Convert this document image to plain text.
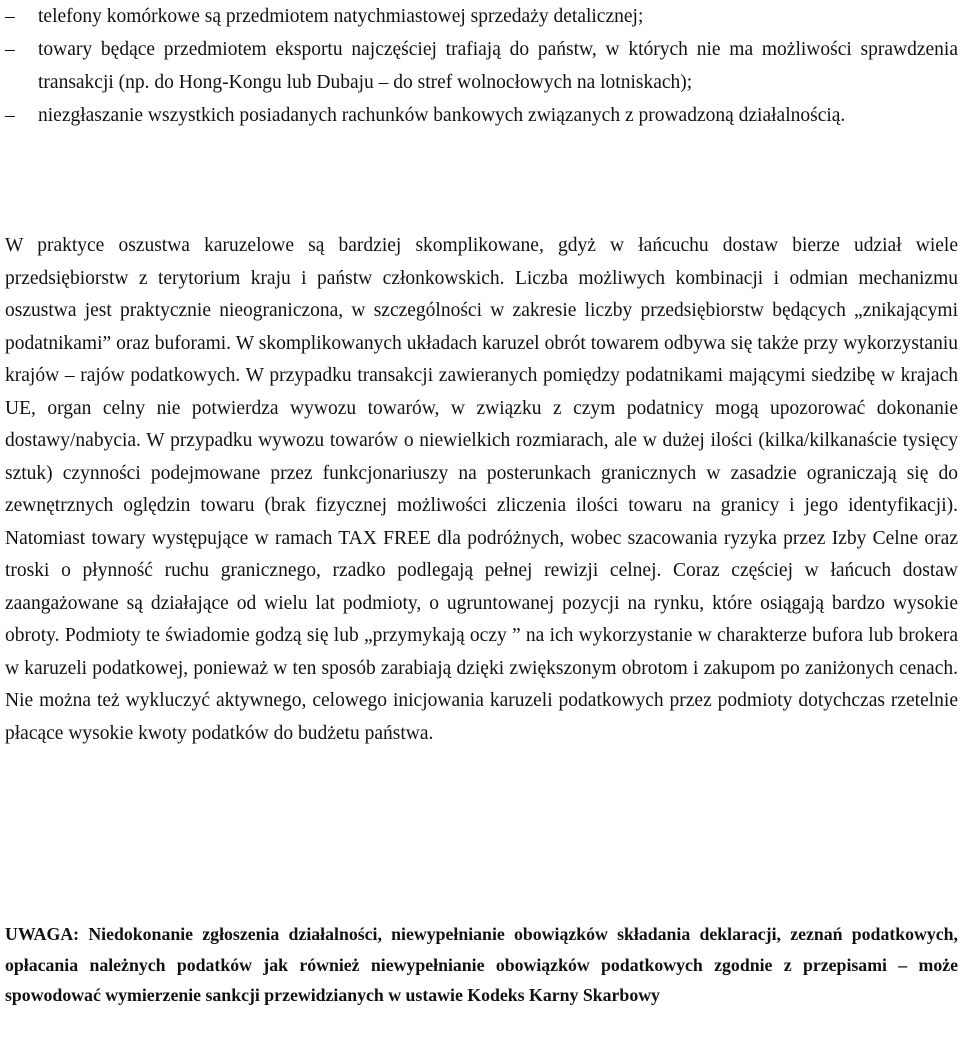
– telefony komórkowe są przedmiotem natychmiastowej sprzedaży detalicznej;
– towary będące przedmiotem eksportu najczęściej trafiają do państw, w których nie ma możliwości sprawdzenia transakcji (np. do Hong-Kongu lub Dubaju – do stref wolnocłowych na lotniskach);
– niezgłaszanie wszystkich posiadanych rachunków bankowych związanych z prowadzoną działalnością.

W praktyce oszustwa karuzelowe są bardziej skomplikowane, gdyż w łańcuchu dostaw bierze udział wiele przedsiębiorstw z terytorium kraju i państw członkowskich. Liczba możliwych kombinacji i odmian mechanizmu oszustwa jest praktycznie nieograniczona, w szczególności w zakresie liczby przedsiębiorstw będących „znikającymi podatnikami” oraz buforami. W skomplikowanych układach karuzel obrót towarem odbywa się także przy wykorzystaniu krajów – rajów podatkowych. W przypadku transakcji zawieranych pomiędzy podatnikami mającymi siedzibę w krajach UE, organ celny nie potwierdza wywozu towarów, w związku z czym podatnicy mogą upozorować dokonanie dostawy/nabycia. W przypadku wywozu towarów o niewielkich rozmiarach, ale w dużej ilości (kilka/kilkanaście tysięcy sztuk) czynności podejmowane przez funkcjonariuszy na posterunkach granicznych w zasadzie ograniczają się do zewnętrznych oględzin towaru (brak fizycznej możliwości zliczenia ilości towaru na granicy i jego identyfikacji). Natomiast towary występujące w ramach TAX FREE dla podróżnych, wobec szacowania ryzyka przez Izby Celne oraz troski o płynność ruchu granicznego, rzadko podlegają pełnej rewizji celnej. Coraz częściej w łańcuch dostaw zaangażowane są działające od wielu lat podmioty, o ugruntowanej pozycji na rynku, które osiągają bardzo wysokie obroty. Podmioty te świadomie godzą się lub „przymykają oczy ” na ich wykorzystanie w charakterze bufora lub brokera w karuzeli podatkowej, ponieważ w ten sposób zarabiają dzięki zwiększonym obrotom i zakupom po zaniżonych cenach. Nie można też wykluczyć aktywnego, celowego inicjowania karuzeli podatkowych przez podmioty dotychczas rzetelnie płacące wysokie kwoty podatków do budżetu państwa.

UWAGA: Niedokonanie zgłoszenia działalności, niewypełnianie obowiązków składania deklaracji, zeznań podatkowych, opłacania należnych podatków jak również niewypełnianie obowiązków podatkowych zgodnie z przepisami – może spowodować wymierzenie sankcji przewidzianych w ustawie Kodeks Karny Skarbowy
